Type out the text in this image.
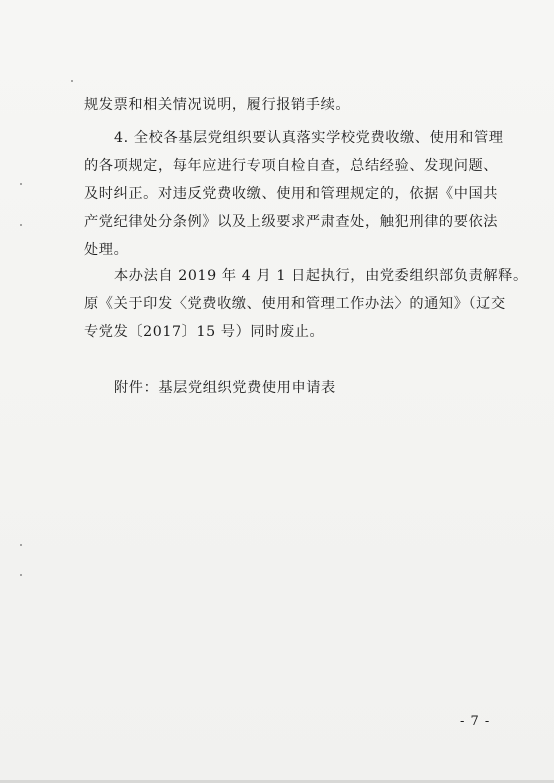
规发票和相关情况说明，履行报销手续。

4. 全校各基层党组织要认真落实学校党费收缴、使用和管理
的各项规定，每年应进行专项自检自查，总结经验、发现问题、
及时纠正。对违反党费收缴、使用和管理规定的，依据《中国共
产党纪律处分条例》以及上级要求严肃查处，触犯刑律的要依法
处理。

本办法自 2019 年 4 月 1 日起执行，由党委组织部负责解释。
原《关于印发〈党费收缴、使用和管理工作办法〉的通知》（辽交
专党发〔2017〕15 号）同时废止。

附件：基层党组织党费使用申请表

- 7 -
